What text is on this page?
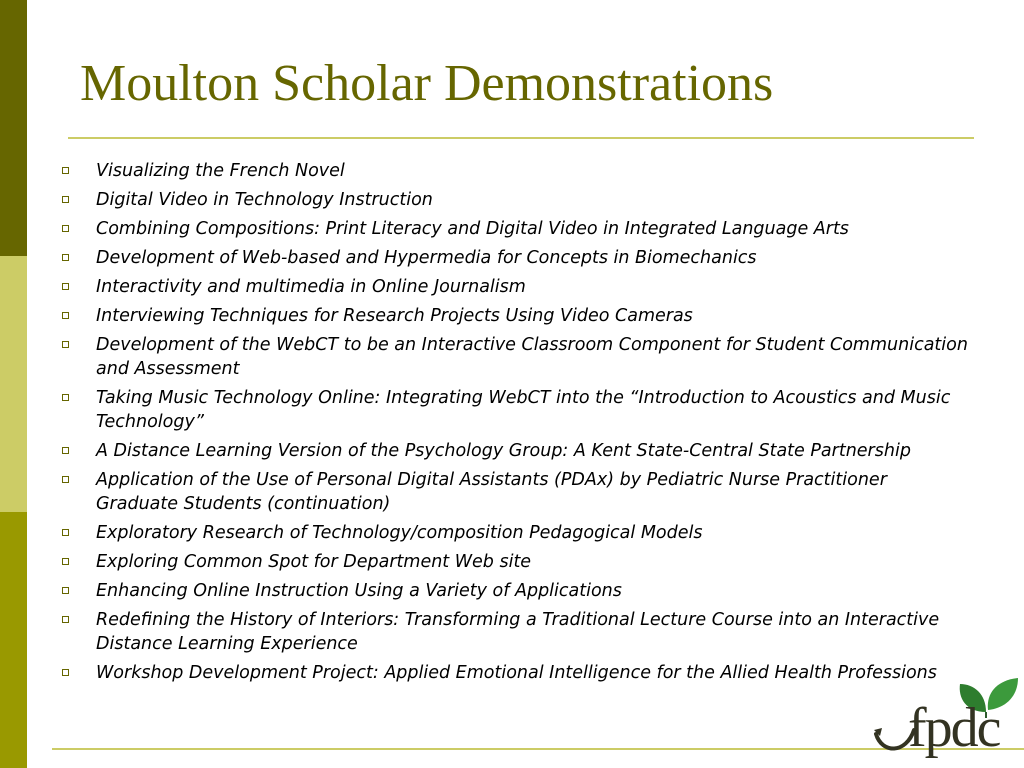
Moulton Scholar Demonstrations
Visualizing the French Novel
Digital Video in Technology Instruction
Combining Compositions: Print Literacy and Digital Video in Integrated Language Arts
Development of Web-based and Hypermedia for Concepts in Biomechanics
Interactivity and multimedia in Online Journalism
Interviewing Techniques for Research Projects Using Video Cameras
Development of the WebCT to be an Interactive Classroom Component for Student Communication and Assessment
Taking Music Technology Online: Integrating WebCT into the “Introduction to Acoustics and Music Technology”
A Distance Learning Version of the Psychology Group: A Kent State-Central State Partnership
Application of the Use of Personal Digital Assistants (PDAx) by Pediatric Nurse Practitioner Graduate Students (continuation)
Exploratory Research of Technology/composition Pedagogical Models
Exploring Common Spot for Department Web site
Enhancing Online Instruction Using a Variety of Applications
Redefining the History of Interiors: Transforming a Traditional Lecture Course into an Interactive Distance Learning Experience
Workshop Development Project: Applied Emotional Intelligence for the Allied Health Professions
fpdc
